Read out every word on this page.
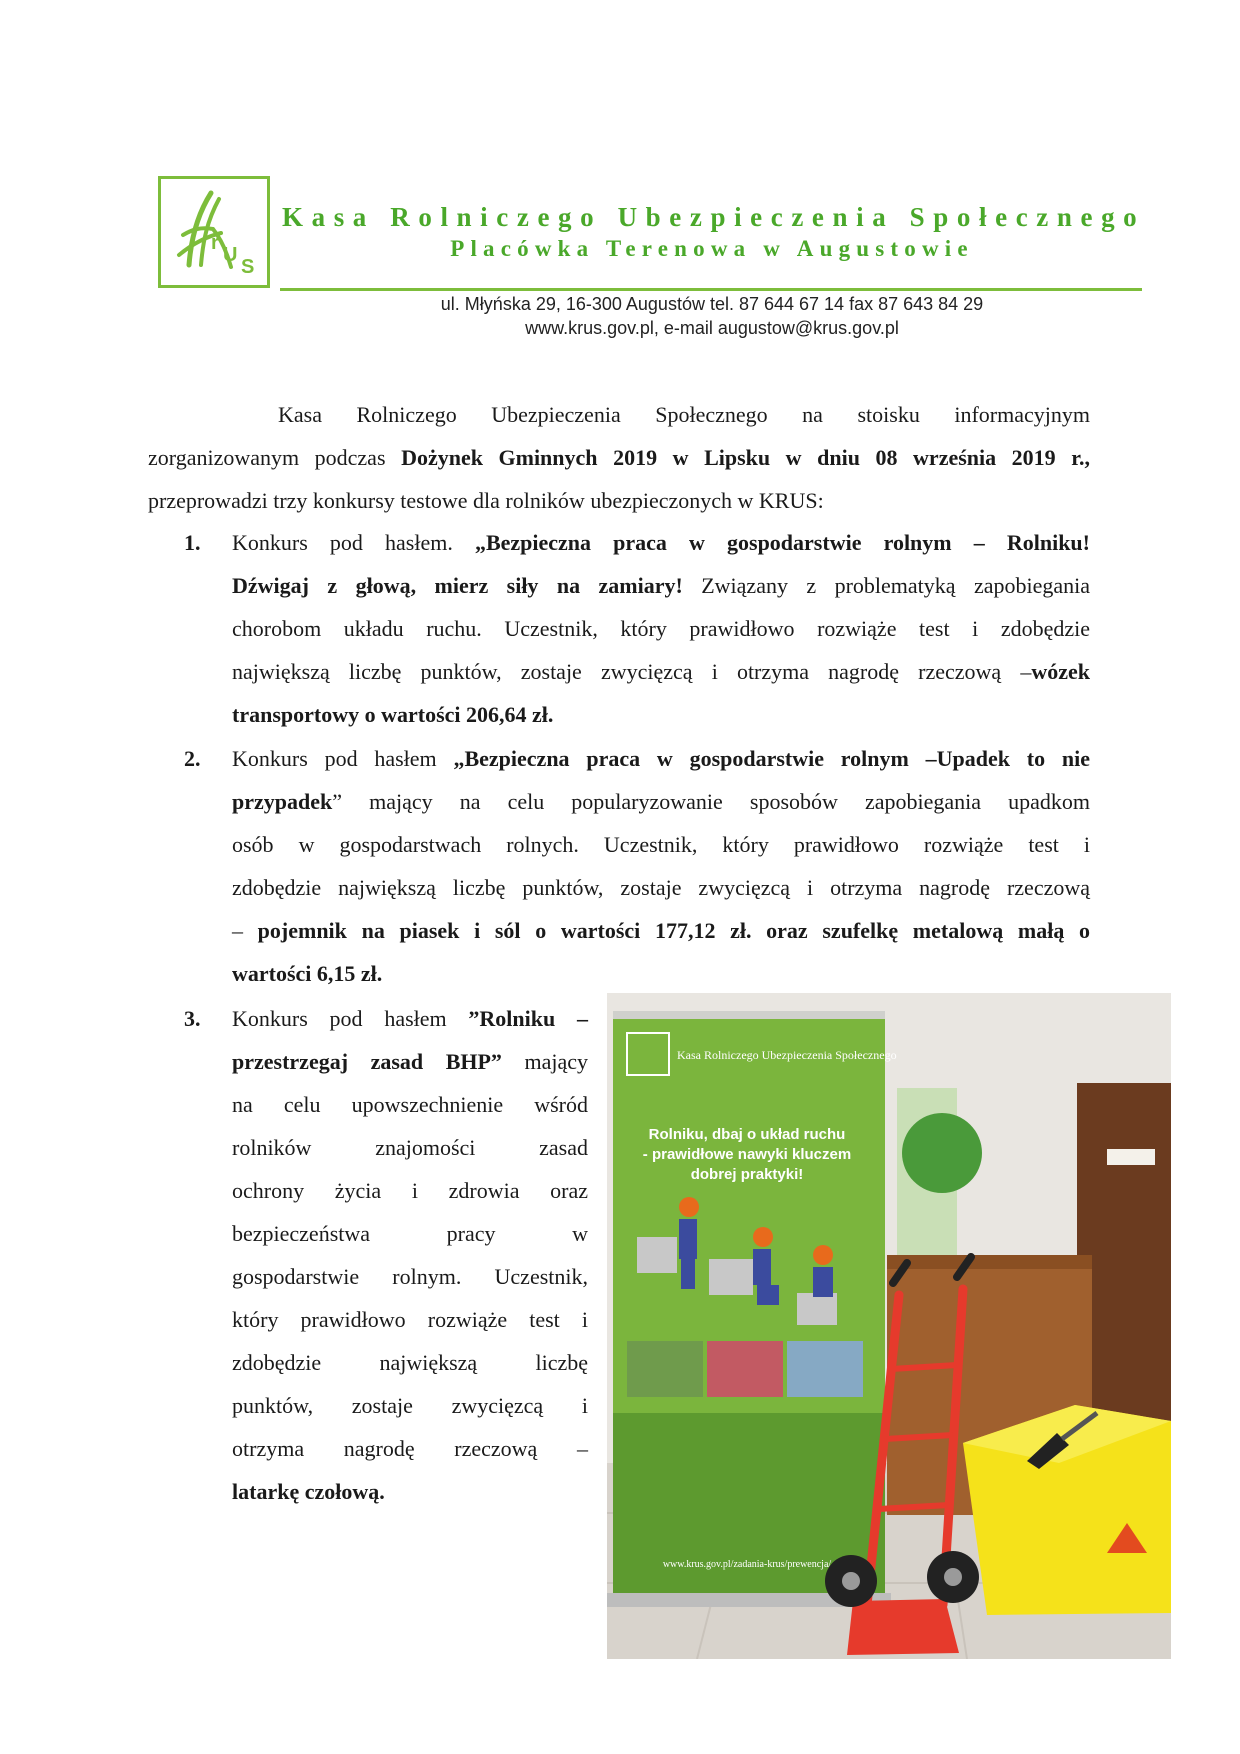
r
U
S
Kasa Rolniczego Ubezpieczenia Społecznego
Placówka Terenowa w Augustowie
ul. Młyńska 29, 16-300 Augustów tel. 87 644 67 14 fax 87 643 84 29
www.krus.gov.pl, e-mail augustow@krus.gov.pl
Kasa Rolniczego Ubezpieczenia Społecznego na stoisku informacyjnym
zorganizowanym podczas Dożynek Gminnych 2019 w Lipsku w dniu 08 września 2019 r.,
przeprowadzi trzy konkursy testowe dla rolników ubezpieczonych w KRUS:
1. Konkurs pod hasłem. „Bezpieczna praca w gospodarstwie rolnym – Rolniku!
Dźwigaj z głową, mierz siły na zamiary! Związany z problematyką zapobiegania
chorobom układu ruchu. Uczestnik, który prawidłowo rozwiąże test i zdobędzie
największą liczbę punktów, zostaje zwycięzcą i otrzyma nagrodę rzeczową –wózek
transportowy o wartości 206,64 zł.
2. Konkurs pod hasłem „Bezpieczna praca w gospodarstwie rolnym –Upadek to nie
przypadek” mający na celu popularyzowanie sposobów zapobiegania upadkom
osób w gospodarstwach rolnych. Uczestnik, który prawidłowo rozwiąże test i
zdobędzie największą liczbę punktów, zostaje zwycięzcą i otrzyma nagrodę rzeczową
– pojemnik na piasek i sól o wartości 177,12 zł. oraz szufelkę metalową małą o
wartości 6,15 zł.
3. Konkurs pod hasłem ”Rolniku –
przestrzegaj zasad BHP” mający
na celu upowszechnienie wśród
rolników znajomości zasad
ochrony życia i zdrowia oraz
bezpieczeństwa pracy w
gospodarstwie rolnym. Uczestnik,
który prawidłowo rozwiąże test i
zdobędzie największą liczbę
punktów, zostaje zwycięzcą i
otrzyma nagrodę rzeczową –
latarkę czołową.
Kasa Rolniczego Ubezpieczenia Społecznego
Rolniku, dbaj o układ ruchu
- prawidłowe nawyki kluczem
dobrej praktyki!
www.krus.gov.pl/zadania-krus/prewencja/
